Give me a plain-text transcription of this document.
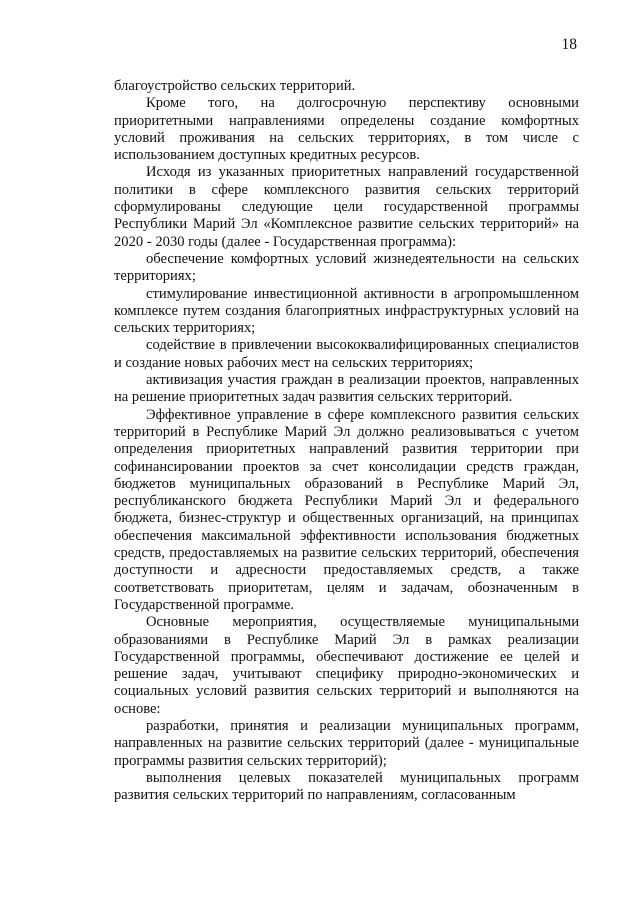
18

благоустройство сельских территорий.

Кроме того, на долгосрочную перспективу основными приоритетными направлениями определены создание комфортных условий проживания на сельских территориях, в том числе с использованием доступных кредитных ресурсов.

Исходя из указанных приоритетных направлений государственной политики в сфере комплексного развития сельских территорий сформулированы следующие цели государственной программы Республики Марий Эл «Комплексное развитие сельских территорий» на 2020 - 2030 годы (далее - Государственная программа):

обеспечение комфортных условий жизнедеятельности на сельских территориях;

стимулирование инвестиционной активности в агропромышленном комплексе путем создания благоприятных инфраструктурных условий на сельских территориях;

содействие в привлечении высококвалифицированных специалистов и создание новых рабочих мест на сельских территориях;

активизация участия граждан в реализации проектов, направленных на решение приоритетных задач развития сельских территорий.

Эффективное управление в сфере комплексного развития сельских территорий в Республике Марий Эл должно реализовываться с учетом определения приоритетных направлений развития территории при софинансировании проектов за счет консолидации средств граждан, бюджетов муниципальных образований в Республике Марий Эл, республиканского бюджета Республики Марий Эл и федерального бюджета, бизнес-структур и общественных организаций, на принципах обеспечения максимальной эффективности использования бюджетных средств, предоставляемых на развитие сельских территорий, обеспечения доступности и адресности предоставляемых средств, а также соответствовать приоритетам, целям и задачам, обозначенным в Государственной программе.

Основные мероприятия, осуществляемые муниципальными образованиями в Республике Марий Эл в рамках реализации Государственной программы, обеспечивают достижение ее целей и решение задач, учитывают специфику природно-экономических и социальных условий развития сельских территорий и выполняются на основе:

разработки, принятия и реализации муниципальных программ, направленных на развитие сельских территорий (далее - муниципальные программы развития сельских территорий);

выполнения целевых показателей муниципальных программ развития сельских территорий по направлениям, согласованным
